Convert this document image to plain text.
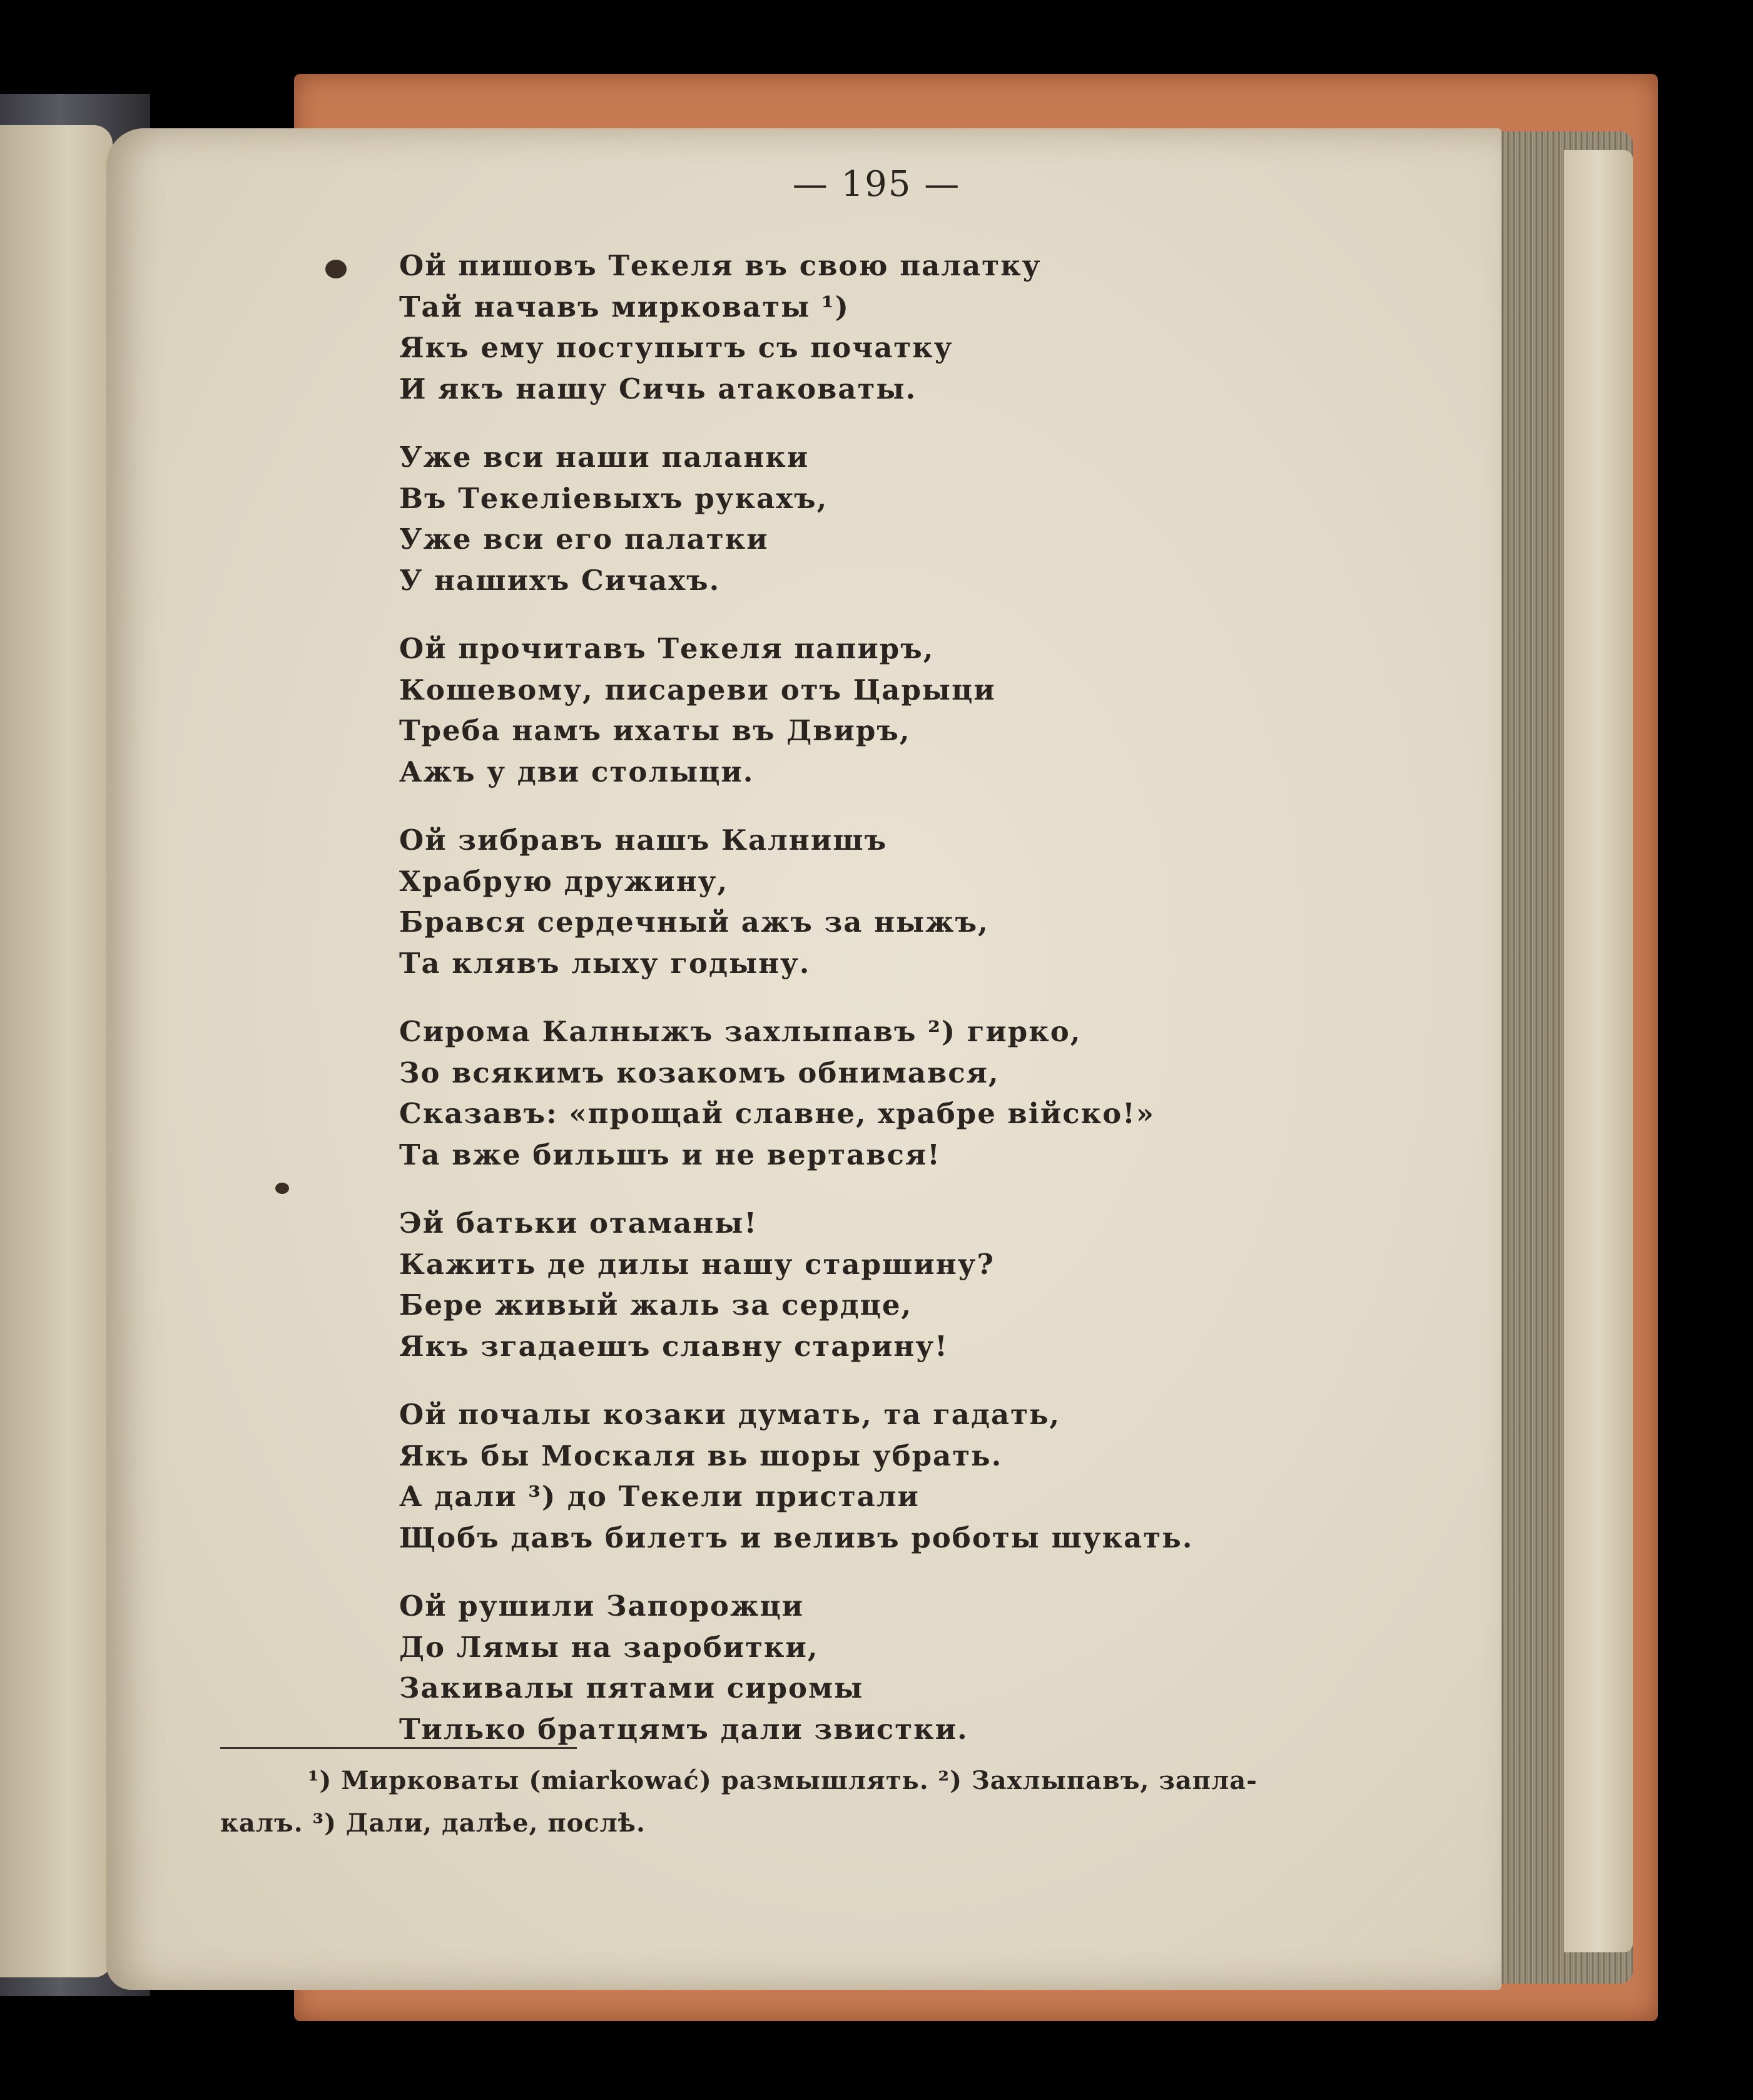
— 195 —
Ой пишовъ Текеля въ свою палатку
Тай начавъ мирковаты ¹)
Якъ ему поступытъ съ початку
И якъ нашу Сичь атаковаты.
Уже вси наши паланки
Въ Текелiевыхъ рукахъ,
Уже вси его палатки
У нашихъ Сичахъ.
Ой прочитавъ Текеля папиръ,
Кошевому, писареви отъ Царыци
Треба намъ ихаты въ Двиръ,
Ажъ у дви столыци.
Ой зибравъ нашъ Калнишъ
Храбрую дружину,
Брався сердечный ажъ за ныжъ,
Та клявъ лыху годыну.
Сирома Калныжъ захлыпавъ ²) гирко,
Зо всякимъ козакомъ обнимався,
Сказавъ: «прощай славне, храбре війско!»
Та вже бильшъ и не вертався!
Эй батьки отаманы!
Кажить де дилы нашу старшину?
Бере живый жаль за сердце,
Якъ згадаешъ славну старину!
Ой почалы козаки думать, та гадать,
Якъ бы Москаля вь шоры убрать.
А дали ³) до Текели пристали
Щобъ давъ билетъ и веливъ роботы шукать.
Ой рушили Запорожци
До Лямы на заробитки,
Закивалы пятами сиромы
Тилько братцямъ дали звистки.
¹) Мирковаты (miarkować) размышлять. ²) Захлыпавъ, запла-
калъ. ³) Дали, далѣе, послѣ.
